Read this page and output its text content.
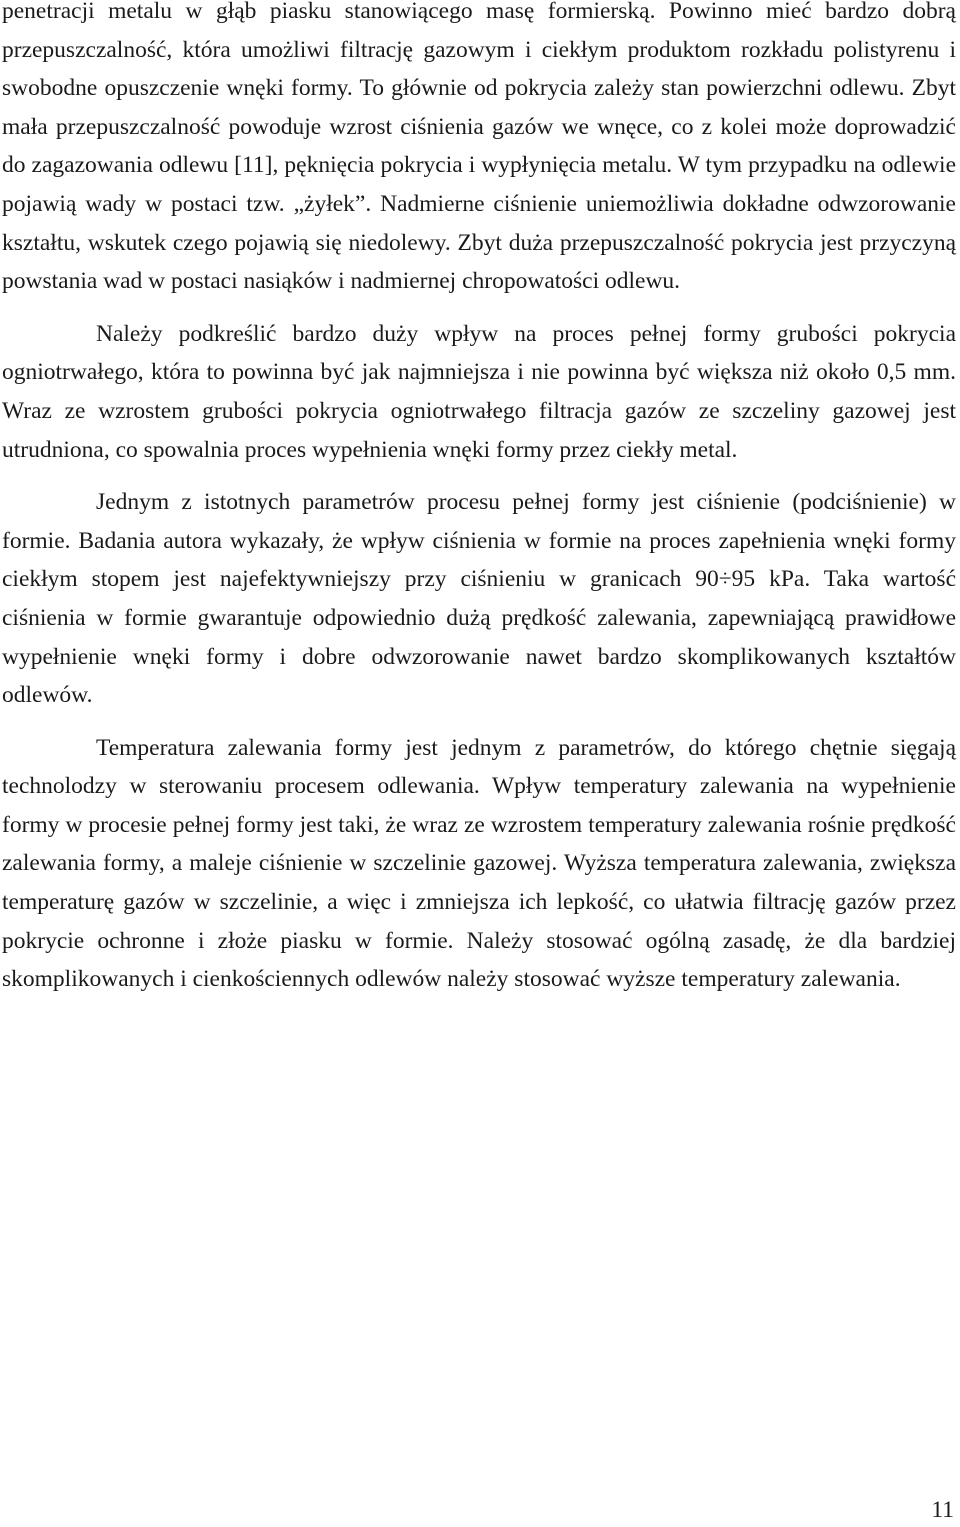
penetracji metalu w głąb piasku stanowiącego masę formierską. Powinno mieć bardzo dobrą przepuszczalność, która umożliwi filtrację gazowym i ciekłym produktom rozkładu polistyrenu i swobodne opuszczenie wnęki formy. To głównie od pokrycia zależy stan powierzchni odlewu. Zbyt mała przepuszczalność powoduje wzrost ciśnienia gazów we wnęce, co z kolei może doprowadzić do zagazowania odlewu [11], pęknięcia pokrycia i wypłynięcia metalu. W tym przypadku na odlewie pojawią wady w postaci tzw. „żyłek”. Nadmierne ciśnienie uniemożliwia dokładne odwzorowanie kształtu, wskutek czego pojawią się niedolewy. Zbyt duża przepuszczalność pokrycia jest przyczyną powstania wad w postaci nasiąków i nadmiernej chropowatości odlewu.

Należy podkreślić bardzo duży wpływ na proces pełnej formy grubości pokrycia ogniotrwałego, która to powinna być jak najmniejsza i nie powinna być większa niż około 0,5 mm. Wraz ze wzrostem grubości pokrycia ogniotrwałego filtracja gazów ze szczeliny gazowej jest utrudniona, co spowalnia proces wypełnienia wnęki formy przez ciekły metal.

Jednym z istotnych parametrów procesu pełnej formy jest ciśnienie (podciśnienie) w formie. Badania autora wykazały, że wpływ ciśnienia w formie na proces zapełnienia wnęki formy ciekłym stopem jest najefektywniejszy przy ciśnieniu w granicach 90÷95 kPa. Taka wartość ciśnienia w formie gwarantuje odpowiednio dużą prędkość zalewania, zapewniającą prawidłowe wypełnienie wnęki formy i dobre odwzorowanie nawet bardzo skomplikowanych kształtów odlewów.

Temperatura zalewania formy jest jednym z parametrów, do którego chętnie sięgają technolodzy w sterowaniu procesem odlewania. Wpływ temperatury zalewania na wypełnienie formy w procesie pełnej formy jest taki, że wraz ze wzrostem temperatury zalewania rośnie prędkość zalewania formy, a maleje ciśnienie w szczelinie gazowej. Wyższa temperatura zalewania, zwiększa temperaturę gazów w szczelinie, a więc i zmniejsza ich lepkość, co ułatwia filtrację gazów przez pokrycie ochronne i złoże piasku w formie. Należy stosować ogólną zasadę, że dla bardziej skomplikowanych i cienkościennych odlewów należy stosować wyższe temperatury zalewania.

11
